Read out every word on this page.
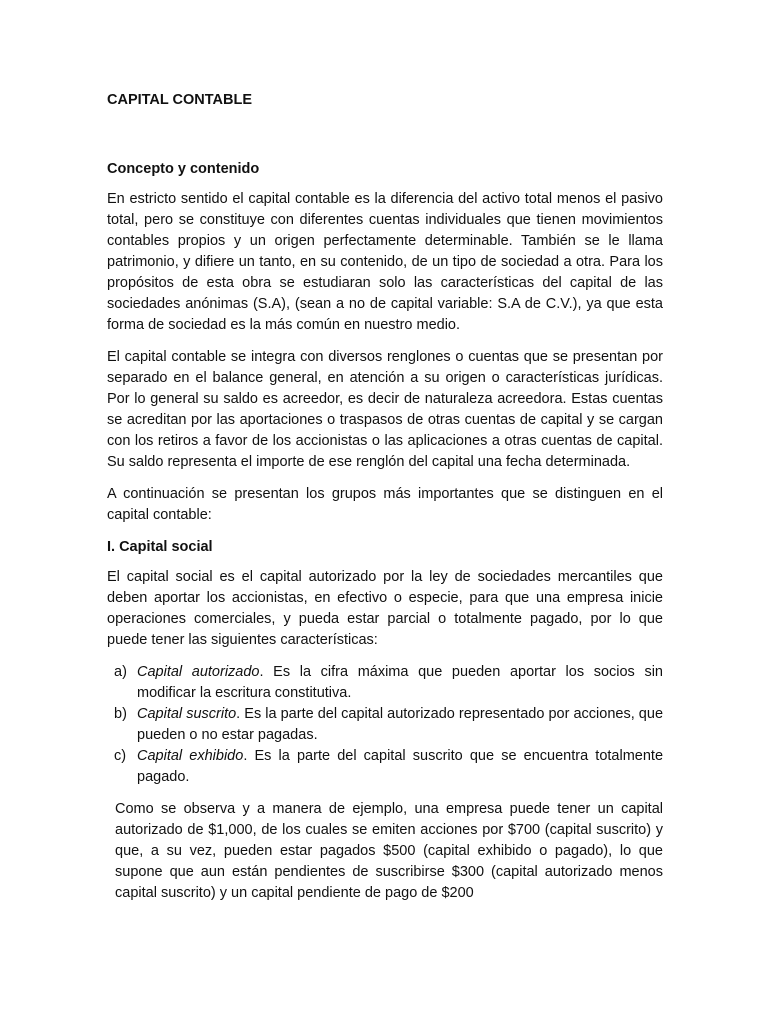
CAPITAL CONTABLE
Concepto y contenido

En estricto sentido el capital contable es la diferencia del activo total menos el pasivo total, pero se constituye con diferentes cuentas individuales que tienen movimientos contables propios y un origen perfectamente determinable. También se le llama patrimonio, y difiere un tanto, en su contenido, de un tipo de sociedad a otra. Para los propósitos de esta obra se estudiaran solo las características del capital de las sociedades anónimas (S.A), (sean a no de capital variable: S.A de C.V.), ya que esta forma de sociedad es la más común en nuestro medio.

El capital contable se integra con diversos renglones o cuentas que se presentan por separado en el balance general, en atención a su origen o características jurídicas. Por lo general su saldo es acreedor, es decir de naturaleza acreedora. Estas cuentas se acreditan por las aportaciones o traspasos de otras cuentas de capital y se cargan con los retiros a favor de los accionistas o las aplicaciones a otras cuentas de capital. Su saldo representa el importe de ese renglón del capital una fecha determinada.

A continuación se presentan los grupos más importantes que se distinguen en el capital contable:

I. Capital social

El capital social es el capital autorizado por la ley de sociedades mercantiles que deben aportar los accionistas, en efectivo o especie, para que una empresa inicie operaciones comerciales, y pueda estar parcial o totalmente pagado, por lo que puede tener las siguientes características:

a) Capital autorizado. Es la cifra máxima que pueden aportar los socios sin modificar la escritura constitutiva.
b) Capital suscrito. Es la parte del capital autorizado representado por acciones, que pueden o no estar pagadas.
c) Capital exhibido. Es la parte del capital suscrito que se encuentra totalmente pagado.

Como se observa y a manera de ejemplo, una empresa puede tener un capital autorizado de $1,000, de los cuales se emiten acciones por $700 (capital suscrito) y que, a su vez, pueden estar pagados $500 (capital exhibido o pagado), lo que supone que aun están pendientes de suscribirse $300 (capital autorizado menos capital suscrito) y un capital pendiente de pago de $200
